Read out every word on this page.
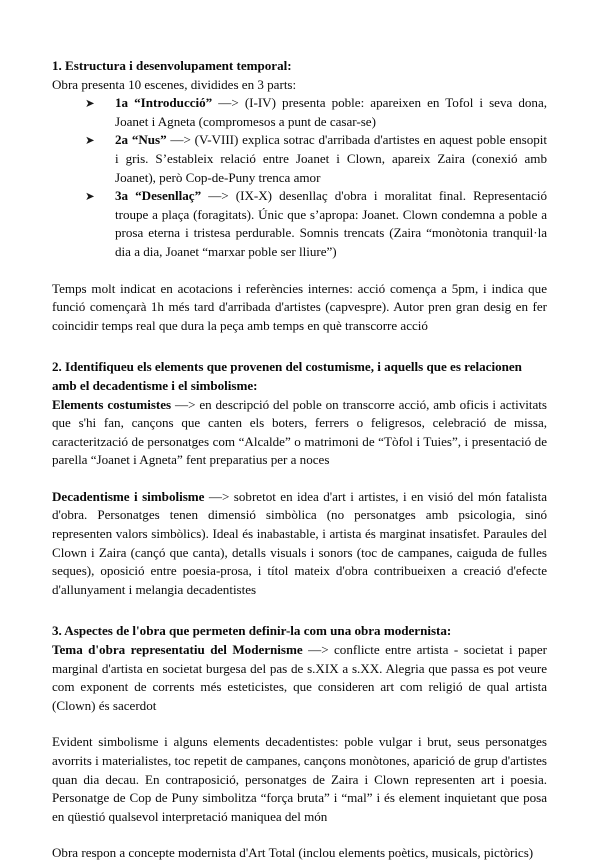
1. Estructura i desenvolupament temporal:

Obra presenta 10 escenes, dividides en 3 parts:

➤ 1a “Introducció” —> (I-IV) presenta poble: apareixen en Tofol i seva dona, Joanet i Agneta (compromesos a punt de casar-se)
➤ 2a “Nus” —> (V-VIII) explica sotrac d'arribada d'artistes en aquest poble ensopit i gris. S’estableix relació entre Joanet i Clown, apareix Zaira (conexió amb Joanet), però Cop-de-Puny trenca amor
➤ 3a “Desenllaç” —> (IX-X) desenllaç d'obra i moralitat final. Representació troupe a plaça (foragitats). Únic que s’apropa: Joanet. Clown condemna a poble a prosa eterna i tristesa perdurable. Somnis trencats (Zaira “monòtonia tranquil·la dia a dia, Joanet “marxar poble ser lliure”)

Temps molt indicat en acotacions i referències internes: acció comença a 5pm, i indica que funció començarà 1h més tard d'arribada d'artistes (capvespre). Autor pren gran desig en fer coincidir temps real que dura la peça amb temps en què transcorre acció

2. Identifiqueu els elements que provenen del costumisme, i aquells que es relacionen amb el decadentisme i el simbolisme:

Elements costumistes —> en descripció del poble on transcorre acció, amb oficis i activitats que s'hi fan, cançons que canten els boters, ferrers o feligresos, celebració de missa, caracterització de personatges com “Alcalde” o matrimoni de “Tòfol i Tuies”, i presentació de parella “Joanet i Agneta” fent preparatius per a noces

Decadentisme i simbolisme —> sobretot en idea d'art i artistes, i en visió del món fatalista d'obra. Personatges tenen dimensió simbòlica (no personatges amb psicologia, sinó representen valors simbòlics). Ideal és inabastable, i artista és marginat insatisfet. Paraules del Clown i Zaira (cançó que canta), detalls visuals i sonors (toc de campanes, caiguda de fulles seques), oposició entre poesia-prosa, i títol mateix d'obra contribueixen a creació d'efecte d'allunyament i melangia decadentistes

3. Aspectes de l'obra que permeten definir-la com una obra modernista:

Tema d'obra representatiu del Modernisme —> conflicte entre artista - societat i paper marginal d'artista en societat burgesa del pas de s.XIX a s.XX. Alegria que passa es pot veure com exponent de corrents més esteticistes, que consideren art com religió de qual artista (Clown) és sacerdot

Evident simbolisme i alguns elements decadentistes: poble vulgar i brut, seus personatges avorrits i materialistes, toc repetit de campanes, cançons monòtones, aparició de grup d'artistes quan dia decau. En contraposició, personatges de Zaira i Clown representen art i poesia. Personatge de Cop de Puny simbolitza “força bruta” i “mal” i és element inquietant que posa en qüestió qualsevol interpretació maniquea del món

Obra respon a concepte modernista d'Art Total (inclou elements poètics, musicals, pictòrics)
